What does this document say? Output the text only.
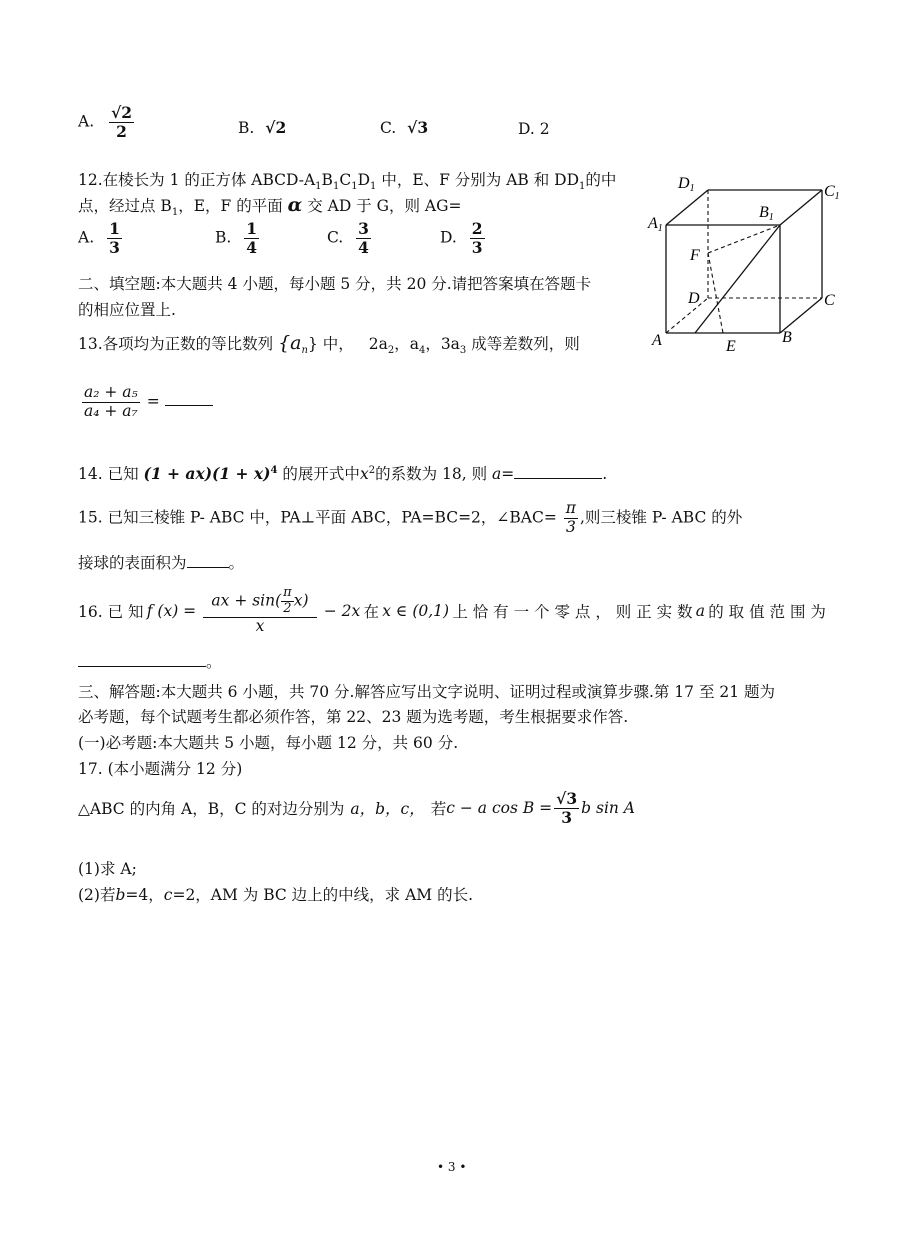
A. $\frac{√2}{2}$	B. √2	C. √3	D. 2
12.在棱长为 1 的正方体 ABCD-$A_1B_1C_1D_1$ 中，E、F 分别为 AB 和 $DD_1$的中
点，经过点 $B_1$，E，F 的平面 α 交 AD 于 G，则 AG=
A. $\frac{1}{3}$	B. $\frac{1}{4}$	C. $\frac{3}{4}$	D. $\frac{2}{3}$
D1	C1
A1
B1
F
D	C
A	E
B
二、填空题:本大题共 4 小题，每小题 5 分，共 20 分.请把答案填在答题卡
的相应位置上.
13.各项均为正数的等比数列 $\{a_n\}$ 中， $2a_2$，$a_4$，$3a_3$ 成等差数列，则
$\frac{\text{a₂ + a₅}}{\text{a₄ + a₇}}$ =
14. 已知 $(1 + ax)(1 + x)^4$ 的展开式中$x^2$的系数为 18, 则 a=	.
15. 已知三棱锥 P- ABC 中，PA⊥平面 ABC，PA=BC=2，∠BAC= $\frac{\pi}{3}$ ,则三棱锥 P- ABC 的外
接球的表面积为	。
16. 已 知 f $(x) = \frac{ax + \sin( \frac{\pi}{2} x)}{x} - 2x$ 在 x ∈ (0,1) 上 恰 有 一 个 零 点 ， 则 正 实 数 a 的 取 值 范 围 为
。
三、解答题:本大题共 6 小题，共 70 分.解答应写出文字说明、证明过程或演算步骤.第 17 至 21 题为
必考题，每个试题考生都必须作答，第 22、23 题为选考题，考生根据要求作答.
(一)必考题:本大题共 5 小题，每小题 12 分，共 60 分.
17. (本小题满分 12 分)
△ABC 的内角 A，B，C 的对边分别为 a，b，c， 若 c − a $\cos B = \frac{√3}{3}$ b sin A
(1)求 A;
(2)若b=4，c=2，AM 为 BC 边上的中线，求 AM 的长.
• 3 •
